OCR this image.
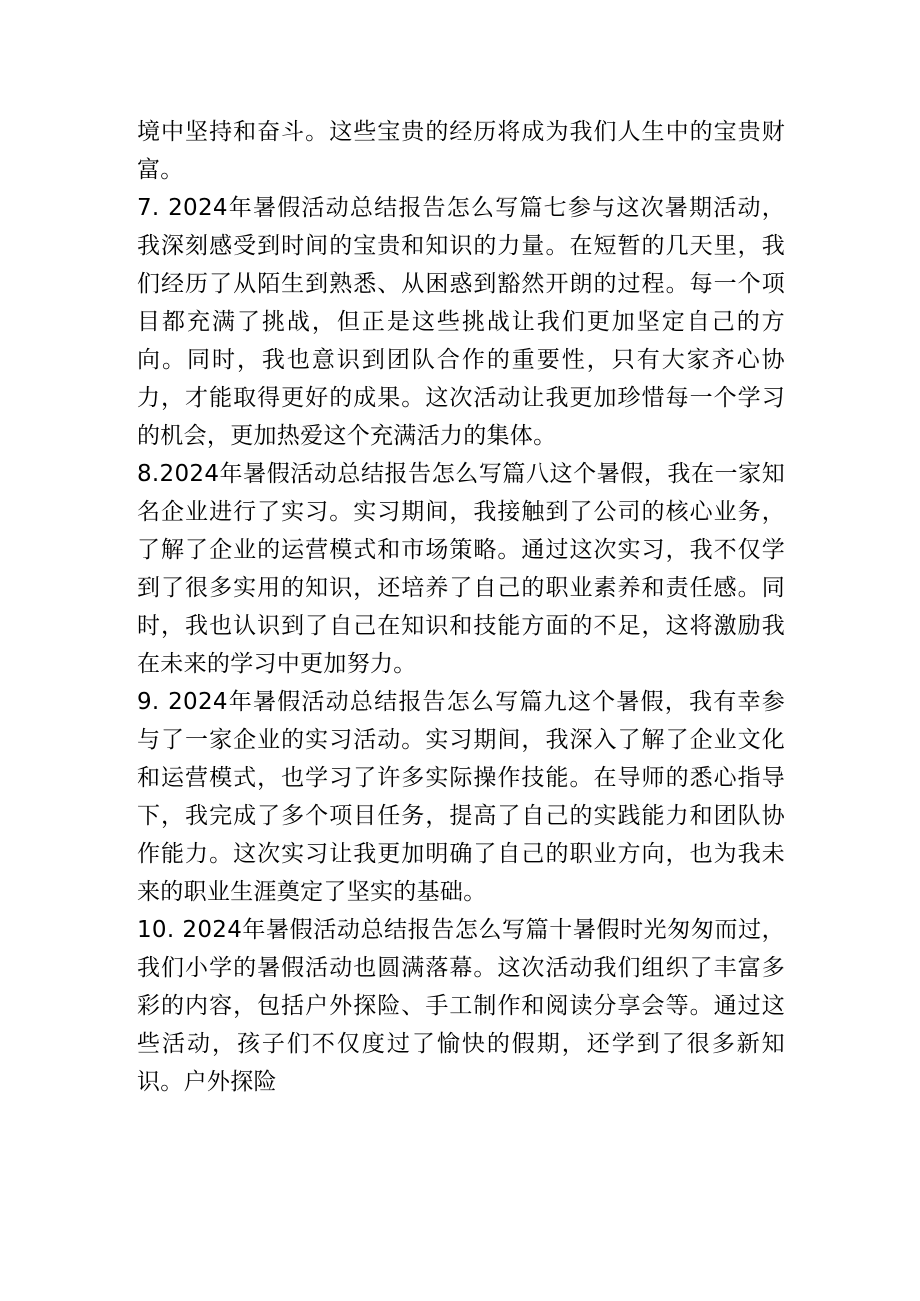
境中坚持和奋斗。这些宝贵的经历将成为我们人生中的宝贵财富。

7. 2024年暑假活动总结报告怎么写篇七参与这次暑期活动，我深刻感受到时间的宝贵和知识的力量。在短暂的几天里，我们经历了从陌生到熟悉、从困惑到豁然开朗的过程。每一个项目都充满了挑战，但正是这些挑战让我们更加坚定自己的方向。同时，我也意识到团队合作的重要性，只有大家齐心协力，才能取得更好的成果。这次活动让我更加珍惜每一个学习的机会，更加热爱这个充满活力的集体。

8.2024年暑假活动总结报告怎么写篇八这个暑假，我在一家知名企业进行了实习。实习期间，我接触到了公司的核心业务，了解了企业的运营模式和市场策略。通过这次实习，我不仅学到了很多实用的知识，还培养了自己的职业素养和责任感。同时，我也认识到了自己在知识和技能方面的不足，这将激励我在未来的学习中更加努力。

9. 2024年暑假活动总结报告怎么写篇九这个暑假，我有幸参与了一家企业的实习活动。实习期间，我深入了解了企业文化和运营模式，也学习了许多实际操作技能。在导师的悉心指导下，我完成了多个项目任务，提高了自己的实践能力和团队协作能力。这次实习让我更加明确了自己的职业方向，也为我未来的职业生涯奠定了坚实的基础。

10. 2024年暑假活动总结报告怎么写篇十暑假时光匆匆而过，我们小学的暑假活动也圆满落幕。这次活动我们组织了丰富多彩的内容，包括户外探险、手工制作和阅读分享会等。通过这些活动，孩子们不仅度过了愉快的假期，还学到了很多新知识。户外探险
